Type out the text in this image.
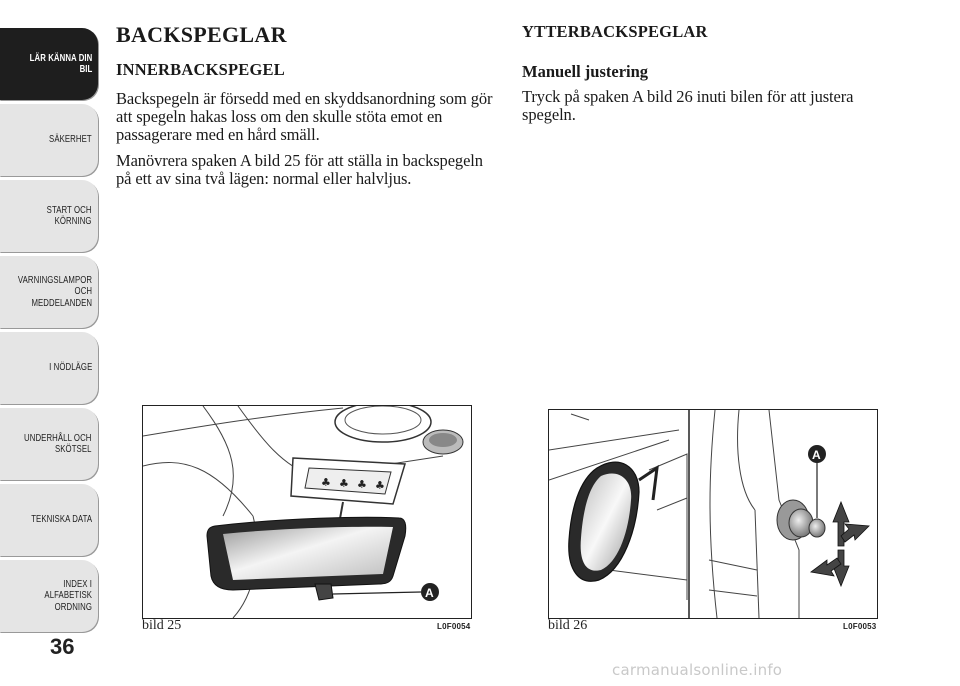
LÄR KÄNNA DIN
BIL
SÄKERHET
START OCH
KÖRNING
VARNINGSLAMPOR
OCH
MEDDELANDEN
I NÖDLÄGE
UNDERHÅLL OCH
SKÖTSEL
TEKNISKA DATA
INDEX I
ALFABETISK
ORDNING
36
BACKSPEGLAR
INNERBACKSPEGEL

Backspegeln är försedd med en skyddsanordning som gör att spegeln hakas loss om den skulle stöta emot en passagerare med en hård smäll.

Manövrera spaken A bild 25 för att ställa in backspegeln på ett av sina två lägen: normal eller halvljus.

YTTERBACKSPEGLAR
Manuell justering

Tryck på spaken A bild 26 inuti bilen för att justera spegeln.

♣ ♣ ♣ ♣
A
bild 25	L0F0054
A
bild 26	L0F0053
carmanualsonline.info
